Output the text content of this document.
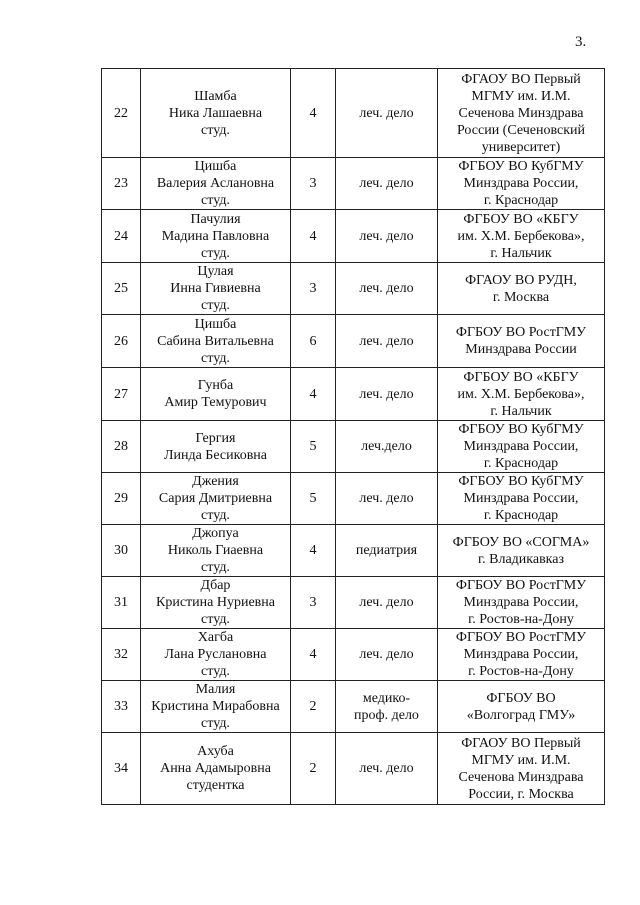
3.
22	Шамба
Ника Лашаевна
студ.	4	леч. дело	ФГАОУ ВО Первый
МГМУ им. И.М.
Сеченова Минздрава
России (Сеченовский
университет)

23	Цишба
Валерия Аслановна
студ.	3	леч. дело	ФГБОУ ВО КубГМУ
Минздрава России,
г. Краснодар

24	Пачулия
Мадина Павловна
студ.	4	леч. дело	ФГБОУ ВО «КБГУ
им. Х.М. Бербекова»,
г. Нальчик

25	Цулая
Инна Гивиевна
студ.	3	леч. дело	ФГАОУ ВО РУДН,
г. Москва

26	Цишба
Сабина Витальевна
студ.	6	леч. дело	ФГБОУ ВО РостГМУ
Минздрава России

27	Гунба
Амир Темурович	4	леч. дело	ФГБОУ ВО «КБГУ
им. Х.М. Бербекова»,
г. Нальчик

28	Гергия
Линда Бесиковна	5	леч.дело	ФГБОУ ВО КубГМУ
Минздрава России,
г. Краснодар

29	Джения
Сария Дмитриевна
студ.	5	леч. дело	ФГБОУ ВО КубГМУ
Минздрава России,
г. Краснодар

30	Джопуа
Николь Гиаевна
студ.	4	педиатрия	ФГБОУ ВО «СОГМА»
г. Владикавказ

31	Дбар
Кристина Нуриевна
студ.	3	леч. дело	ФГБОУ ВО РостГМУ
Минздрава России,
г. Ростов-на-Дону

32	Хагба
Лана Руслановна
студ.	4	леч. дело	ФГБОУ ВО РостГМУ
Минздрава России,
г. Ростов-на-Дону

33	Малия
Кристина Мирабовна
студ.	2	медико-
проф. дело	ФГБОУ ВО
«Волгоград ГМУ»

34	Ахуба
Анна Адамыровна
студентка	2	леч. дело	ФГАОУ ВО Первый
МГМУ им. И.М.
Сеченова Минздрава
России, г. Москва
